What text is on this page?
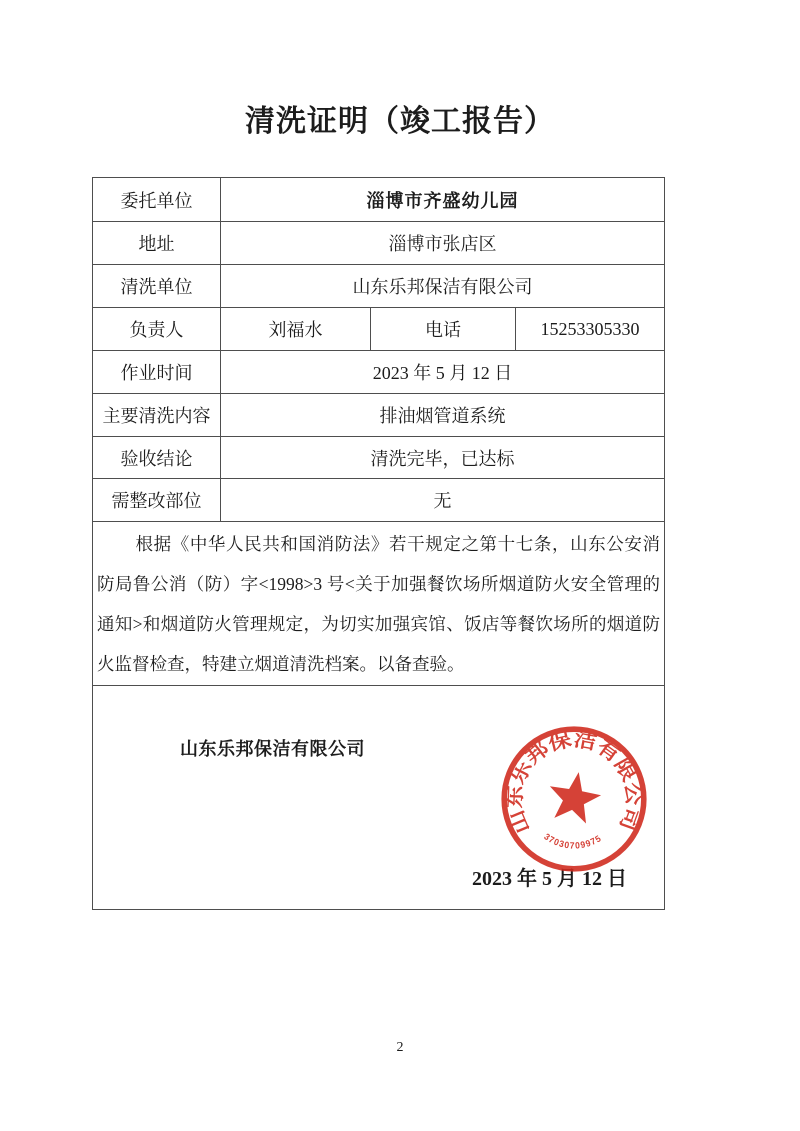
清洗证明（竣工报告）
委托单位	淄博市齐盛幼儿园		
地址	淄博市张店区		
清洗单位	山东乐邦保洁有限公司		
负责人	刘福水	电话	15253305330
作业时间	2023 年 5 月 12 日		
主要清洗内容	排油烟管道系统		
验收结论	清洗完毕，已达标		
需整改部位	无		

根据《中华人民共和国消防法》若干规定之第十七条，山东公安消防局鲁公消（防）字<1998>3 号<关于加强餐饮场所烟道防火安全管理的通知>和烟道防火管理规定，为切实加强宾馆、饭店等餐饮场所的烟道防火监督检查，特建立烟道清洗档案。以备查验。			

山东乐邦保洁有限公司
2023 年 5 月 12 日
山东乐邦保洁有限公司
37030709975
2
